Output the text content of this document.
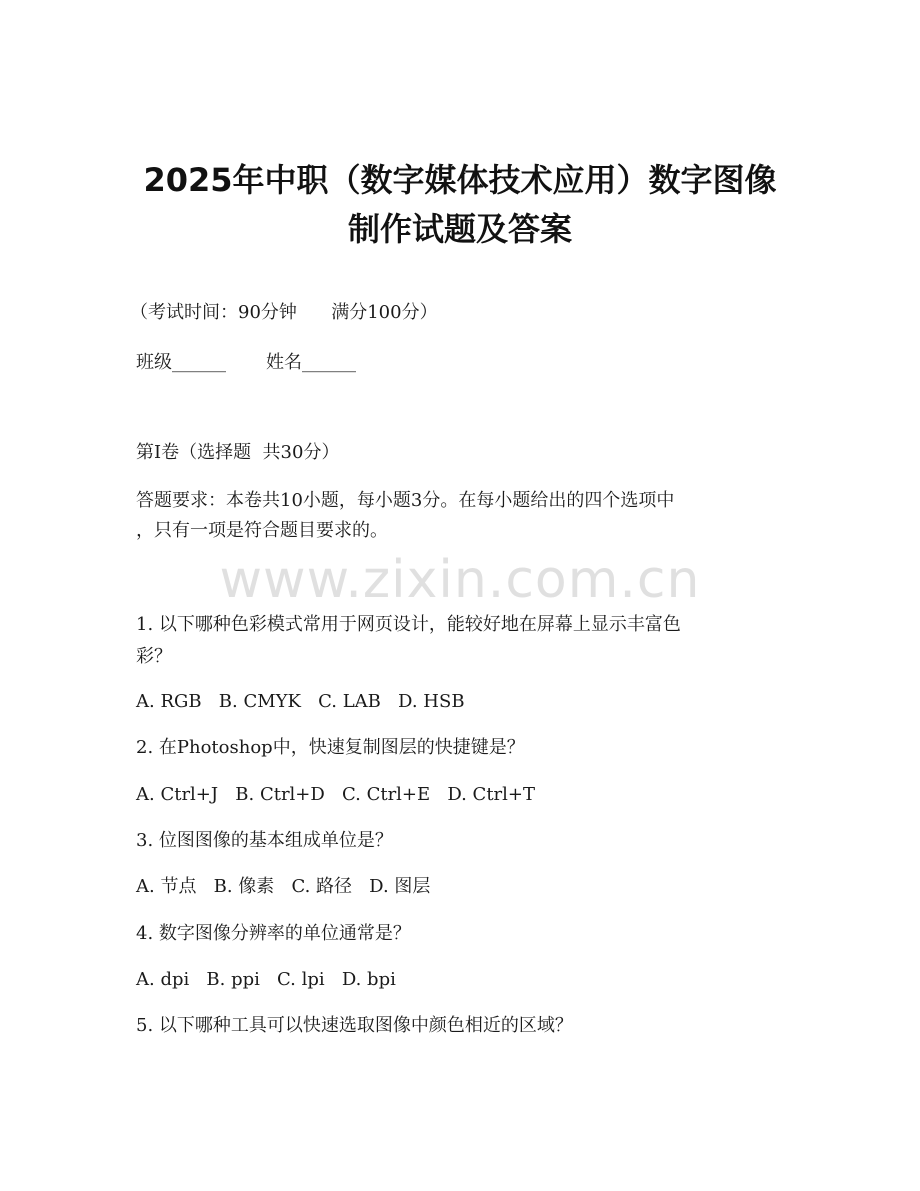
2025年中职（数字媒体技术应用）数字图像
制作试题及答案
（考试时间：90分钟      满分100分）
班级______       姓名______
第I卷（选择题  共30分）
答题要求：本卷共10小题，每小题3分。在每小题给出的四个选项中
，只有一项是符合题目要求的。
www.zixin.com.cn
1. 以下哪种色彩模式常用于网页设计，能较好地在屏幕上显示丰富色
彩？
A. RGB   B. CMYK   C. LAB   D. HSB
2. 在Photoshop中，快速复制图层的快捷键是？
A. Ctrl+J   B. Ctrl+D   C. Ctrl+E   D. Ctrl+T
3. 位图图像的基本组成单位是？
A. 节点   B. 像素   C. 路径   D. 图层
4. 数字图像分辨率的单位通常是？
A. dpi   B. ppi   C. lpi   D. bpi
5. 以下哪种工具可以快速选取图像中颜色相近的区域？
